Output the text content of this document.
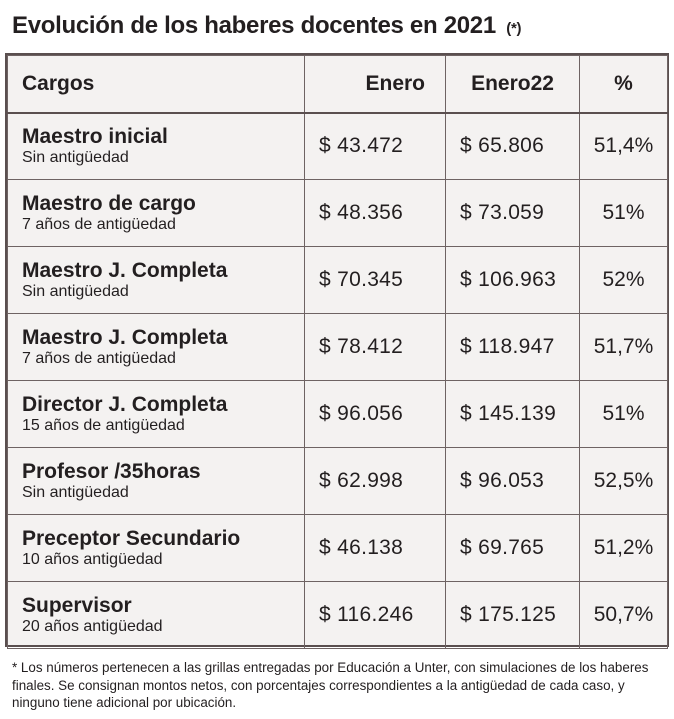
Evolución de los haberes docentes en 2021 (*)
Cargos	Enero	Enero22	%

Maestro inicial
Sin antigüedad	$ 43.472	$ 65.806	51,4%

Maestro de cargo
7 años de antigüedad	$ 48.356	$ 73.059	51%

Maestro J. Completa
Sin antigüedad	$ 70.345	$ 106.963	52%

Maestro J. Completa
7 años de antigüedad	$ 78.412	$ 118.947	51,7%

Director J. Completa
15 años de antigüedad	$ 96.056	$ 145.139	51%

Profesor /35horas
Sin antigüedad	$ 62.998	$ 96.053	52,5%

Preceptor Secundario
10 años antigüedad	$ 46.138	$ 69.765	51,2%

Supervisor
20 años antigüedad	$ 116.246	$ 175.125	50,7%
* Los números pertenecen a las grillas entregadas por Educación a Unter, con simulaciones de los haberes finales. Se consignan montos netos, con porcentajes correspondientes a la antigüedad de cada caso, y ninguno tiene adicional por ubicación.
